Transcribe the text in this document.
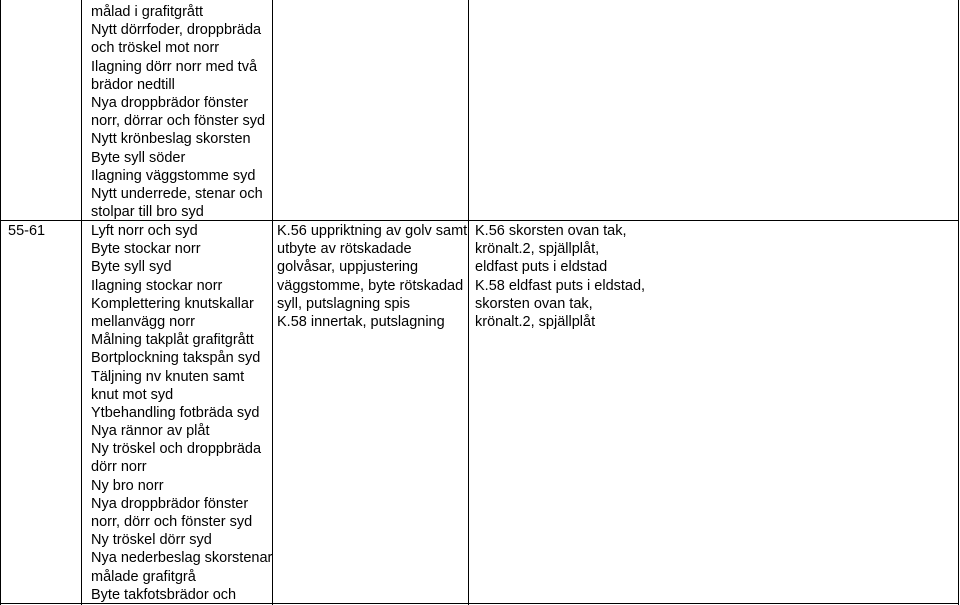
målad i grafitgrått
Nytt dörrfoder, droppbräda
och tröskel mot norr
Ilagning dörr norr med två
brädor nedtill
Nya droppbrädor fönster
norr, dörrar och fönster syd
Nytt krönbeslag skorsten
Byte syll söder
Ilagning väggstomme syd
Nytt underrede, stenar och
stolpar till bro syd
55-61	Lyft norr och syd
Byte stockar norr
Byte syll syd
Ilagning stockar norr
Komplettering knutskallar
mellanvägg norr
Målning takplåt grafitgrått
Bortplockning takspån syd
Täljning nv knuten samt
knut mot syd
Ytbehandling fotbräda syd
Nya rännor av plåt
Ny tröskel och droppbräda
dörr norr
Ny bro norr
Nya droppbrädor fönster
norr, dörr och fönster syd
Ny tröskel dörr syd
Nya nederbeslag skorstenar
målade grafitgrå
Byte takfotsbrädor och
K.56 uppriktning av golv samt
utbyte av rötskadade
golvåsar, uppjustering
väggstomme, byte rötskadad
syll, putslagning spis
K.58 innertak, putslagning
K.56 skorsten ovan tak,
krönalt.2, spjällplåt,
eldfast puts i eldstad
K.58 eldfast puts i eldstad,
skorsten ovan tak,
krönalt.2, spjällplåt
